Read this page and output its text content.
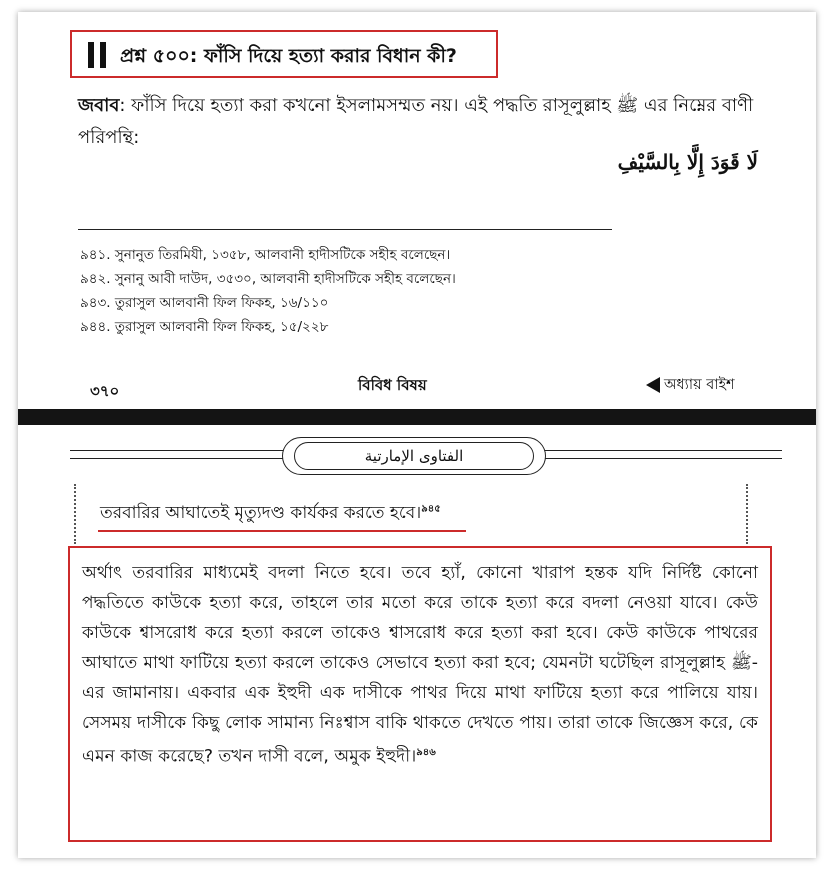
প্রশ্ন ৫০০: ফাঁসি দিয়ে হত্যা করার বিধান কী?
জবাব: ফাঁসি দিয়ে হত্যা করা কখনো ইসলামসম্মত নয়। এই পদ্ধতি রাসূলুল্লাহ ﷺ এর নিম্নের বাণী পরিপন্থি:
لَا قَوَدَ إِلَّا بِالسَّيْفِ
৯৪১. সুনানুত তিরমিযী, ১৩৫৮, আলবানী হাদীসটিকে সহীহ বলেছেন।
৯৪২. সুনানু আবী দাউদ, ৩৫৩০, আলবানী হাদীসটিকে সহীহ বলেছেন।
৯৪৩. তুরাসুল আলবানী ফিল ফিকহ, ১৬/১১০
৯৪৪. তুরাসুল আলবানী ফিল ফিকহ, ১৫/২২৮
৩৭০	বিবিধ বিষয়	অধ্যায় বাইশ
الفتاوى الإمارتية
তরবারির আঘাতেই মৃত্যুদণ্ড কার্যকর করতে হবে।$^{৯৪৫}$
অর্থাৎ তরবারির মাধ্যমেই বদলা নিতে হবে। তবে হ্যাঁ, কোনো খারাপ হন্তক যদি নির্দিষ্ট কোনো পদ্ধতিতে কাউকে হত্যা করে, তাহলে তার মতো করে তাকে হত্যা করে বদলা নেওয়া যাবে। কেউ কাউকে শ্বাসরোধ করে হত্যা করলে তাকেও শ্বাসরোধ করে হত্যা করা হবে। কেউ কাউকে পাথরের আঘাতে মাথা ফাটিয়ে হত্যা করলে তাকেও সেভাবে হত্যা করা হবে; যেমনটা ঘটেছিল রাসূলুল্লাহ ﷺ-এর জামানায়। একবার এক ইহুদী এক দাসীকে পাথর দিয়ে মাথা ফাটিয়ে হত্যা করে পালিয়ে যায়। সেসময় দাসীকে কিছু লোক সামান্য নিঃশ্বাস বাকি থাকতে দেখতে পায়। তারা তাকে জিজ্ঞেস করে, কে এমন কাজ করেছে? তখন দাসী বলে, অমুক ইহুদী।$^{৯৪৬}$
